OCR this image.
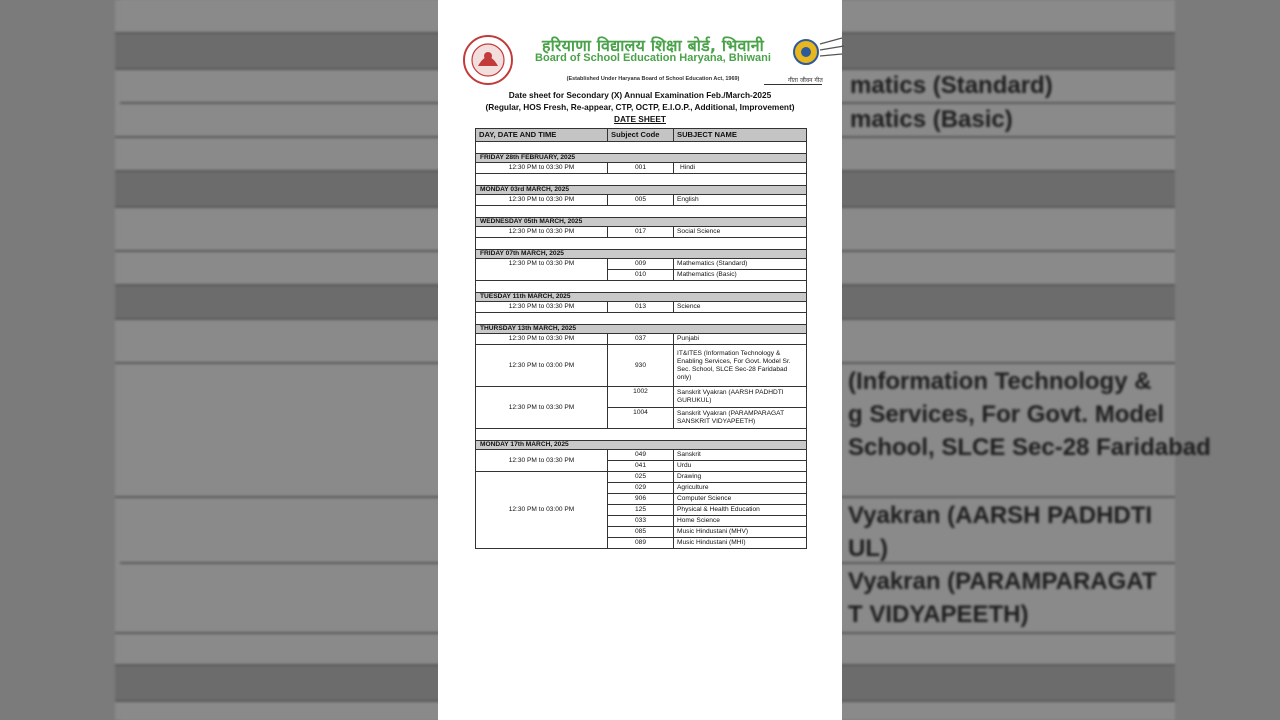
matics (Standard)
matics (Basic)
(Information Technology &
g Services, For Govt. Model
School, SLCE Sec-28 Faridabad
Vyakran (AARSH PADHDTI
UL)
Vyakran (PARAMPARAGAT
T VIDYAPEETH)
हरियाणा विद्यालय शिक्षा बोर्ड, भिवानी
Board of School Education Haryana, Bhiwani
(Established Under Haryana Board of School Education Act, 1969)	गीता जीवन गीत
Date sheet for Secondary (X) Annual Examination Feb./March-2025
(Regular, HOS Fresh, Re-appear, CTP, OCTP, E.I.O.P., Additional, Improvement)
DATE SHEET
DAY, DATE AND TIME	Subject Code	SUBJECT NAME

FRIDAY 28th FEBRUARY, 2025		
12:30 PM to 03:30 PM	001	Hindi

MONDAY 03rd MARCH, 2025		
12:30 PM to 03:30 PM	005	English

WEDNESDAY 05th MARCH, 2025		
12:30 PM to 03:30 PM	017	Social Science

FRIDAY 07th MARCH, 2025		
12:30 PM to 03:30 PM	009	Mathematics (Standard)
	010	Mathematics (Basic)

TUESDAY 11th MARCH, 2025		
12:30 PM to 03:30 PM	013	Science

THURSDAY 13th MARCH, 2025		
12:30 PM to 03:30 PM	037	Punjabi
12:30 PM to 03:00 PM	930	IT&ITES (Information Technology & Enabling Services, For Govt. Model Sr. Sec. School, SLCE Sec-28 Faridabad only)
12:30 PM to 03:30 PM	1002	Sanskrit Vyakran (AARSH PADHDTI GURUKUL)
	1004	Sanskrit Vyakran (PARAMPARAGAT SANSKRIT VIDYAPEETH)

MONDAY 17th MARCH, 2025		
12:30 PM to 03:30 PM	049	Sanskrit
	041	Urdu
12:30 PM to 03:00 PM	025	Drawing
	029	Agriculture
	906	Computer Science
	125	Physical & Health Education
	033	Home Science
	085	Music Hindustani (MHV)
	089	Music Hindustani (MHI)
